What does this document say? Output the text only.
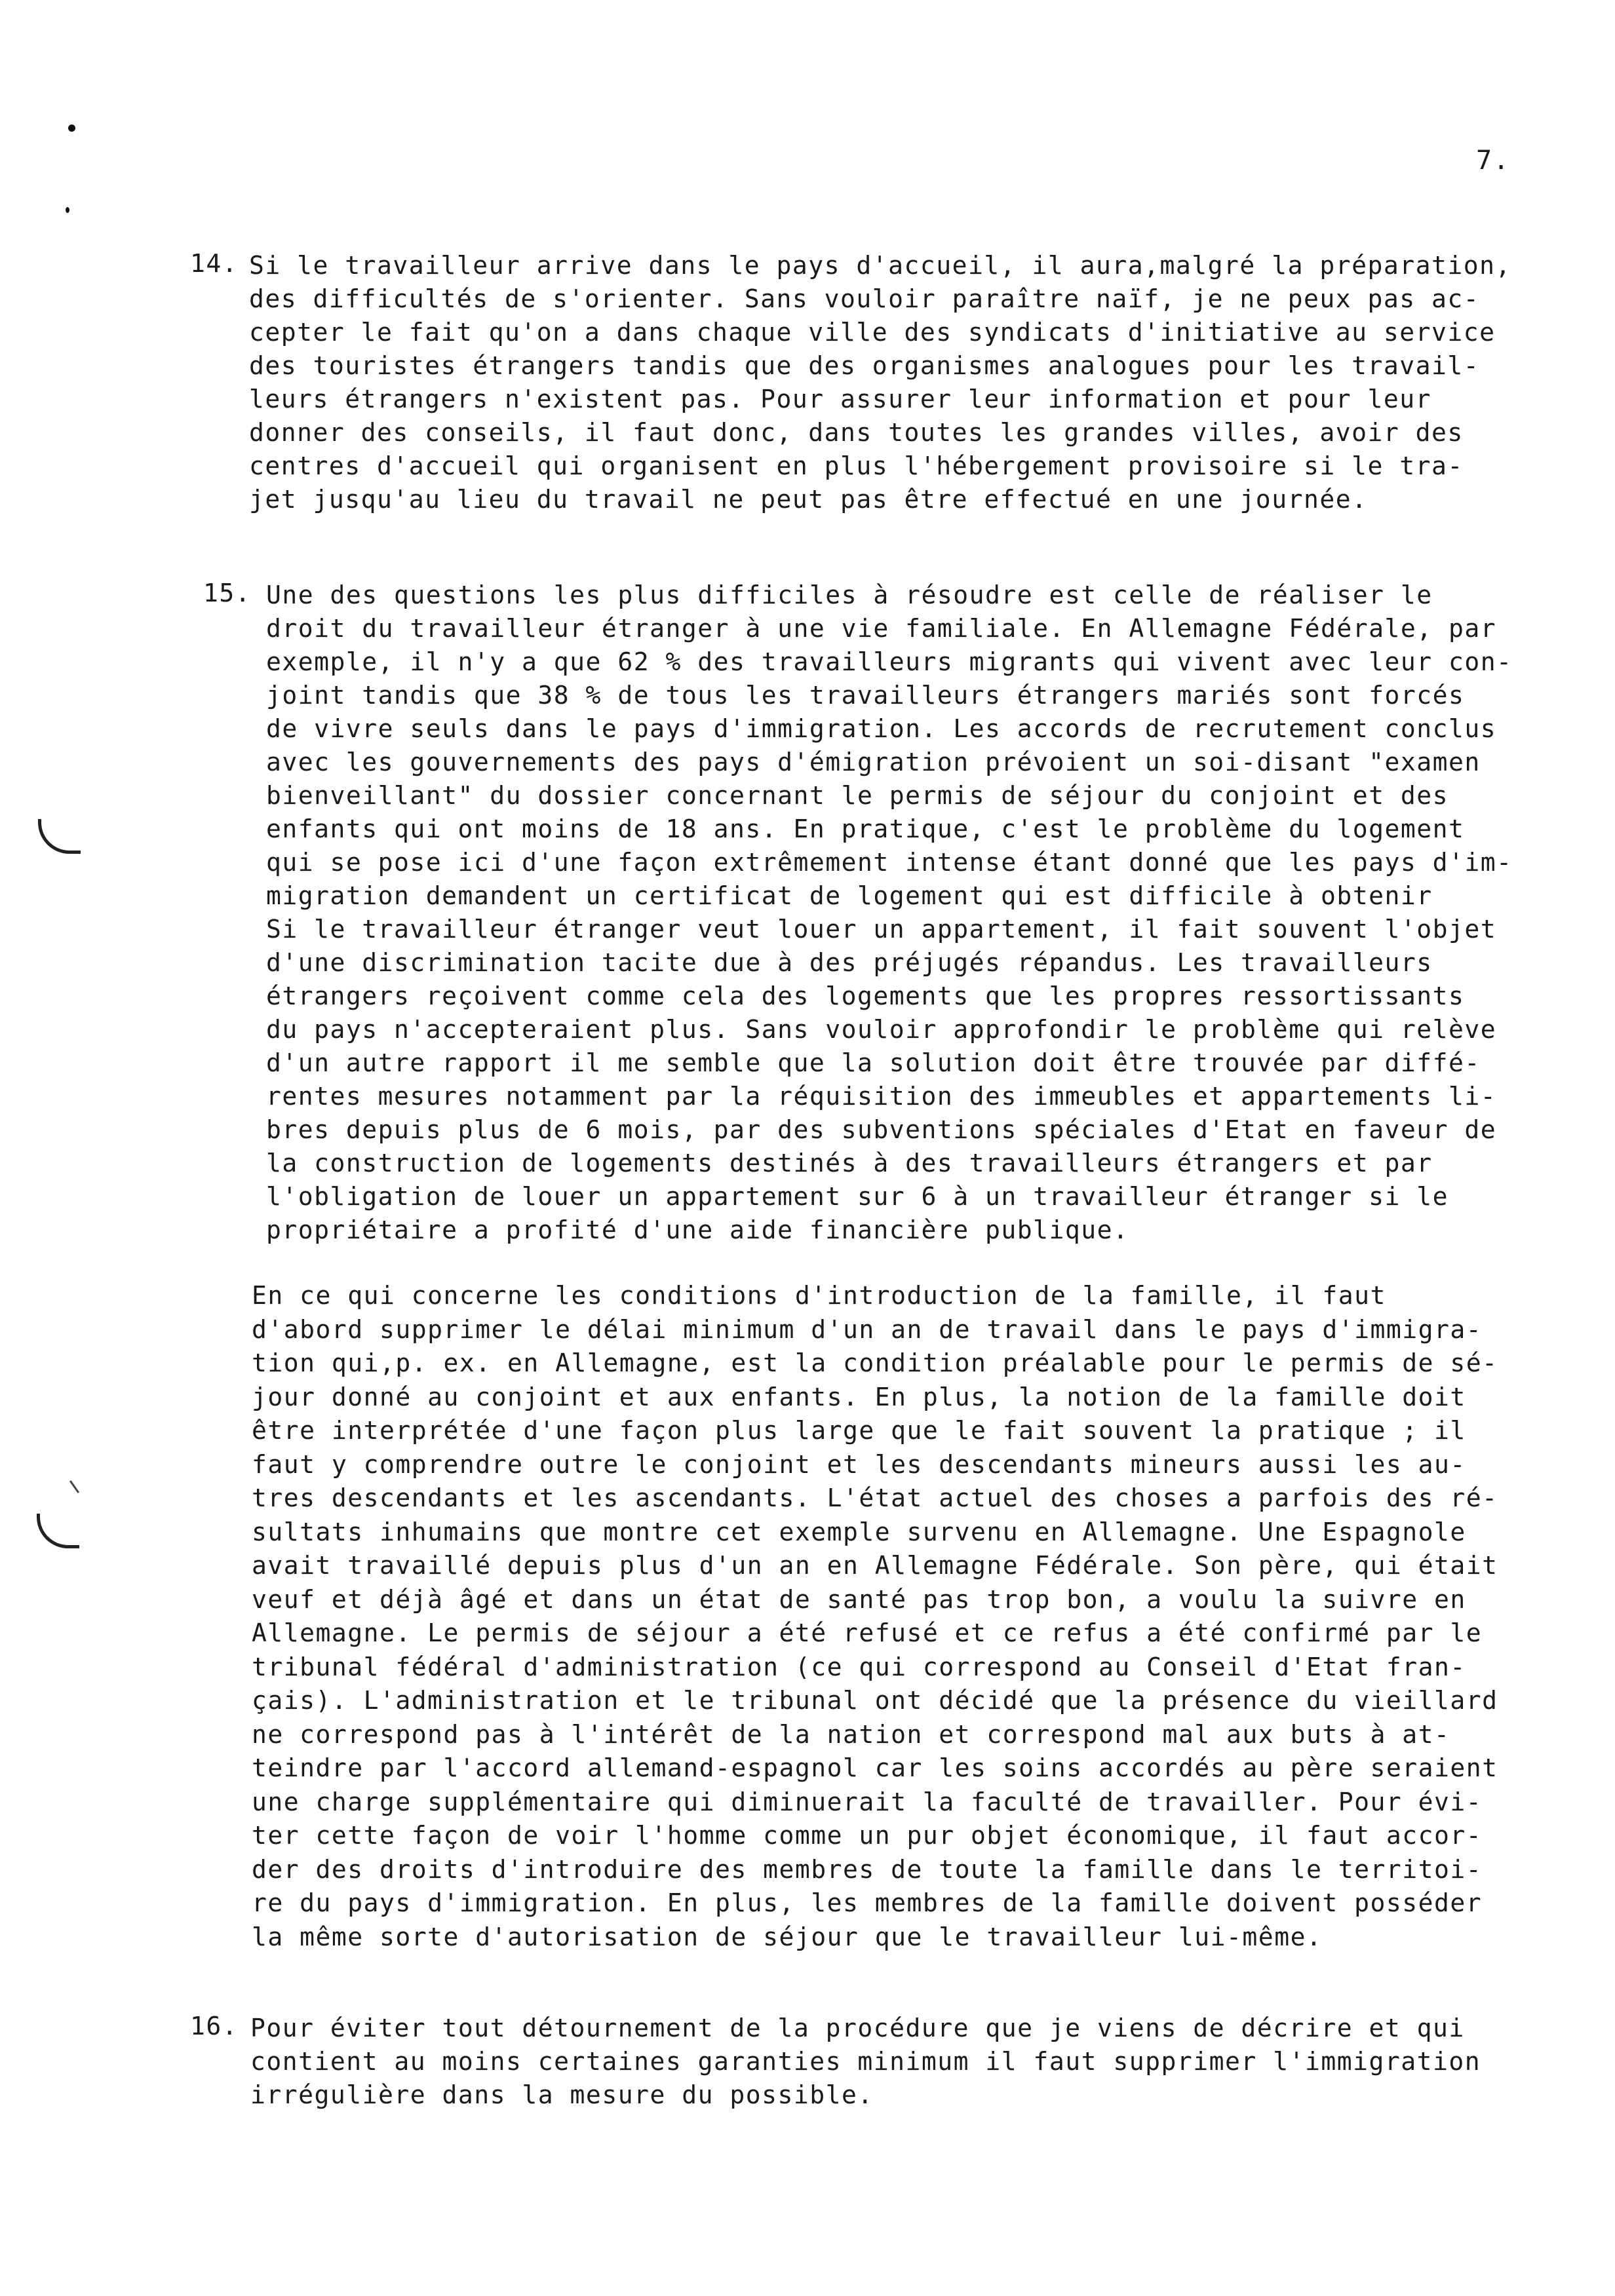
7.
14. Si le travailleur arrive dans le pays d'accueil, il aura,malgré la préparation,
des difficultés de s'orienter. Sans vouloir paraître naïf, je ne peux pas ac-
cepter le fait qu'on a dans chaque ville des syndicats d'initiative au service
des touristes étrangers tandis que des organismes analogues pour les travail-
leurs étrangers n'existent pas. Pour assurer leur information et pour leur
donner des conseils, il faut donc, dans toutes les grandes villes, avoir des
centres d'accueil qui organisent en plus l'hébergement provisoire si le tra-
jet jusqu'au lieu du travail ne peut pas être effectué en une journée.
15. Une des questions les plus difficiles à résoudre est celle de réaliser le
droit du travailleur étranger à une vie familiale. En Allemagne Fédérale, par
exemple, il n'y a que 62 % des travailleurs migrants qui vivent avec leur con-
joint tandis que 38 % de tous les travailleurs étrangers mariés sont forcés
de vivre seuls dans le pays d'immigration. Les accords de recrutement conclus
avec les gouvernements des pays d'émigration prévoient un soi-disant "examen
bienveillant" du dossier concernant le permis de séjour du conjoint et des
enfants qui ont moins de 18 ans. En pratique, c'est le problème du logement
qui se pose ici d'une façon extrêmement intense étant donné que les pays d'im-
migration demandent un certificat de logement qui est difficile à obtenir
Si le travailleur étranger veut louer un appartement, il fait souvent l'objet
d'une discrimination tacite due à des préjugés répandus. Les travailleurs
étrangers reçoivent comme cela des logements que les propres ressortissants
du pays n'accepteraient plus. Sans vouloir approfondir le problème qui relève
d'un autre rapport il me semble que la solution doit être trouvée par diffé-
rentes mesures notamment par la réquisition des immeubles et appartements li-
bres depuis plus de 6 mois, par des subventions spéciales d'Etat en faveur de
la construction de logements destinés à des travailleurs étrangers et par
l'obligation de louer un appartement sur 6 à un travailleur étranger si le
propriétaire a profité d'une aide financière publique.
En ce qui concerne les conditions d'introduction de la famille, il faut
d'abord supprimer le délai minimum d'un an de travail dans le pays d'immigra-
tion qui,p. ex. en Allemagne, est la condition préalable pour le permis de sé-
jour donné au conjoint et aux enfants. En plus, la notion de la famille doit
être interprétée d'une façon plus large que le fait souvent la pratique ; il
faut y comprendre outre le conjoint et les descendants mineurs aussi les au-
tres descendants et les ascendants. L'état actuel des choses a parfois des ré-
sultats inhumains que montre cet exemple survenu en Allemagne. Une Espagnole
avait travaillé depuis plus d'un an en Allemagne Fédérale. Son père, qui était
veuf et déjà âgé et dans un état de santé pas trop bon, a voulu la suivre en
Allemagne. Le permis de séjour a été refusé et ce refus a été confirmé par le
tribunal fédéral d'administration (ce qui correspond au Conseil d'Etat fran-
çais). L'administration et le tribunal ont décidé que la présence du vieillard
ne correspond pas à l'intérêt de la nation et correspond mal aux buts à at-
teindre par l'accord allemand-espagnol car les soins accordés au père seraient
une charge supplémentaire qui diminuerait la faculté de travailler. Pour évi-
ter cette façon de voir l'homme comme un pur objet économique, il faut accor-
der des droits d'introduire des membres de toute la famille dans le territoi-
re du pays d'immigration. En plus, les membres de la famille doivent posséder
la même sorte d'autorisation de séjour que le travailleur lui-même.
16. Pour éviter tout détournement de la procédure que je viens de décrire et qui
contient au moins certaines garanties minimum il faut supprimer l'immigration
irrégulière dans la mesure du possible.
